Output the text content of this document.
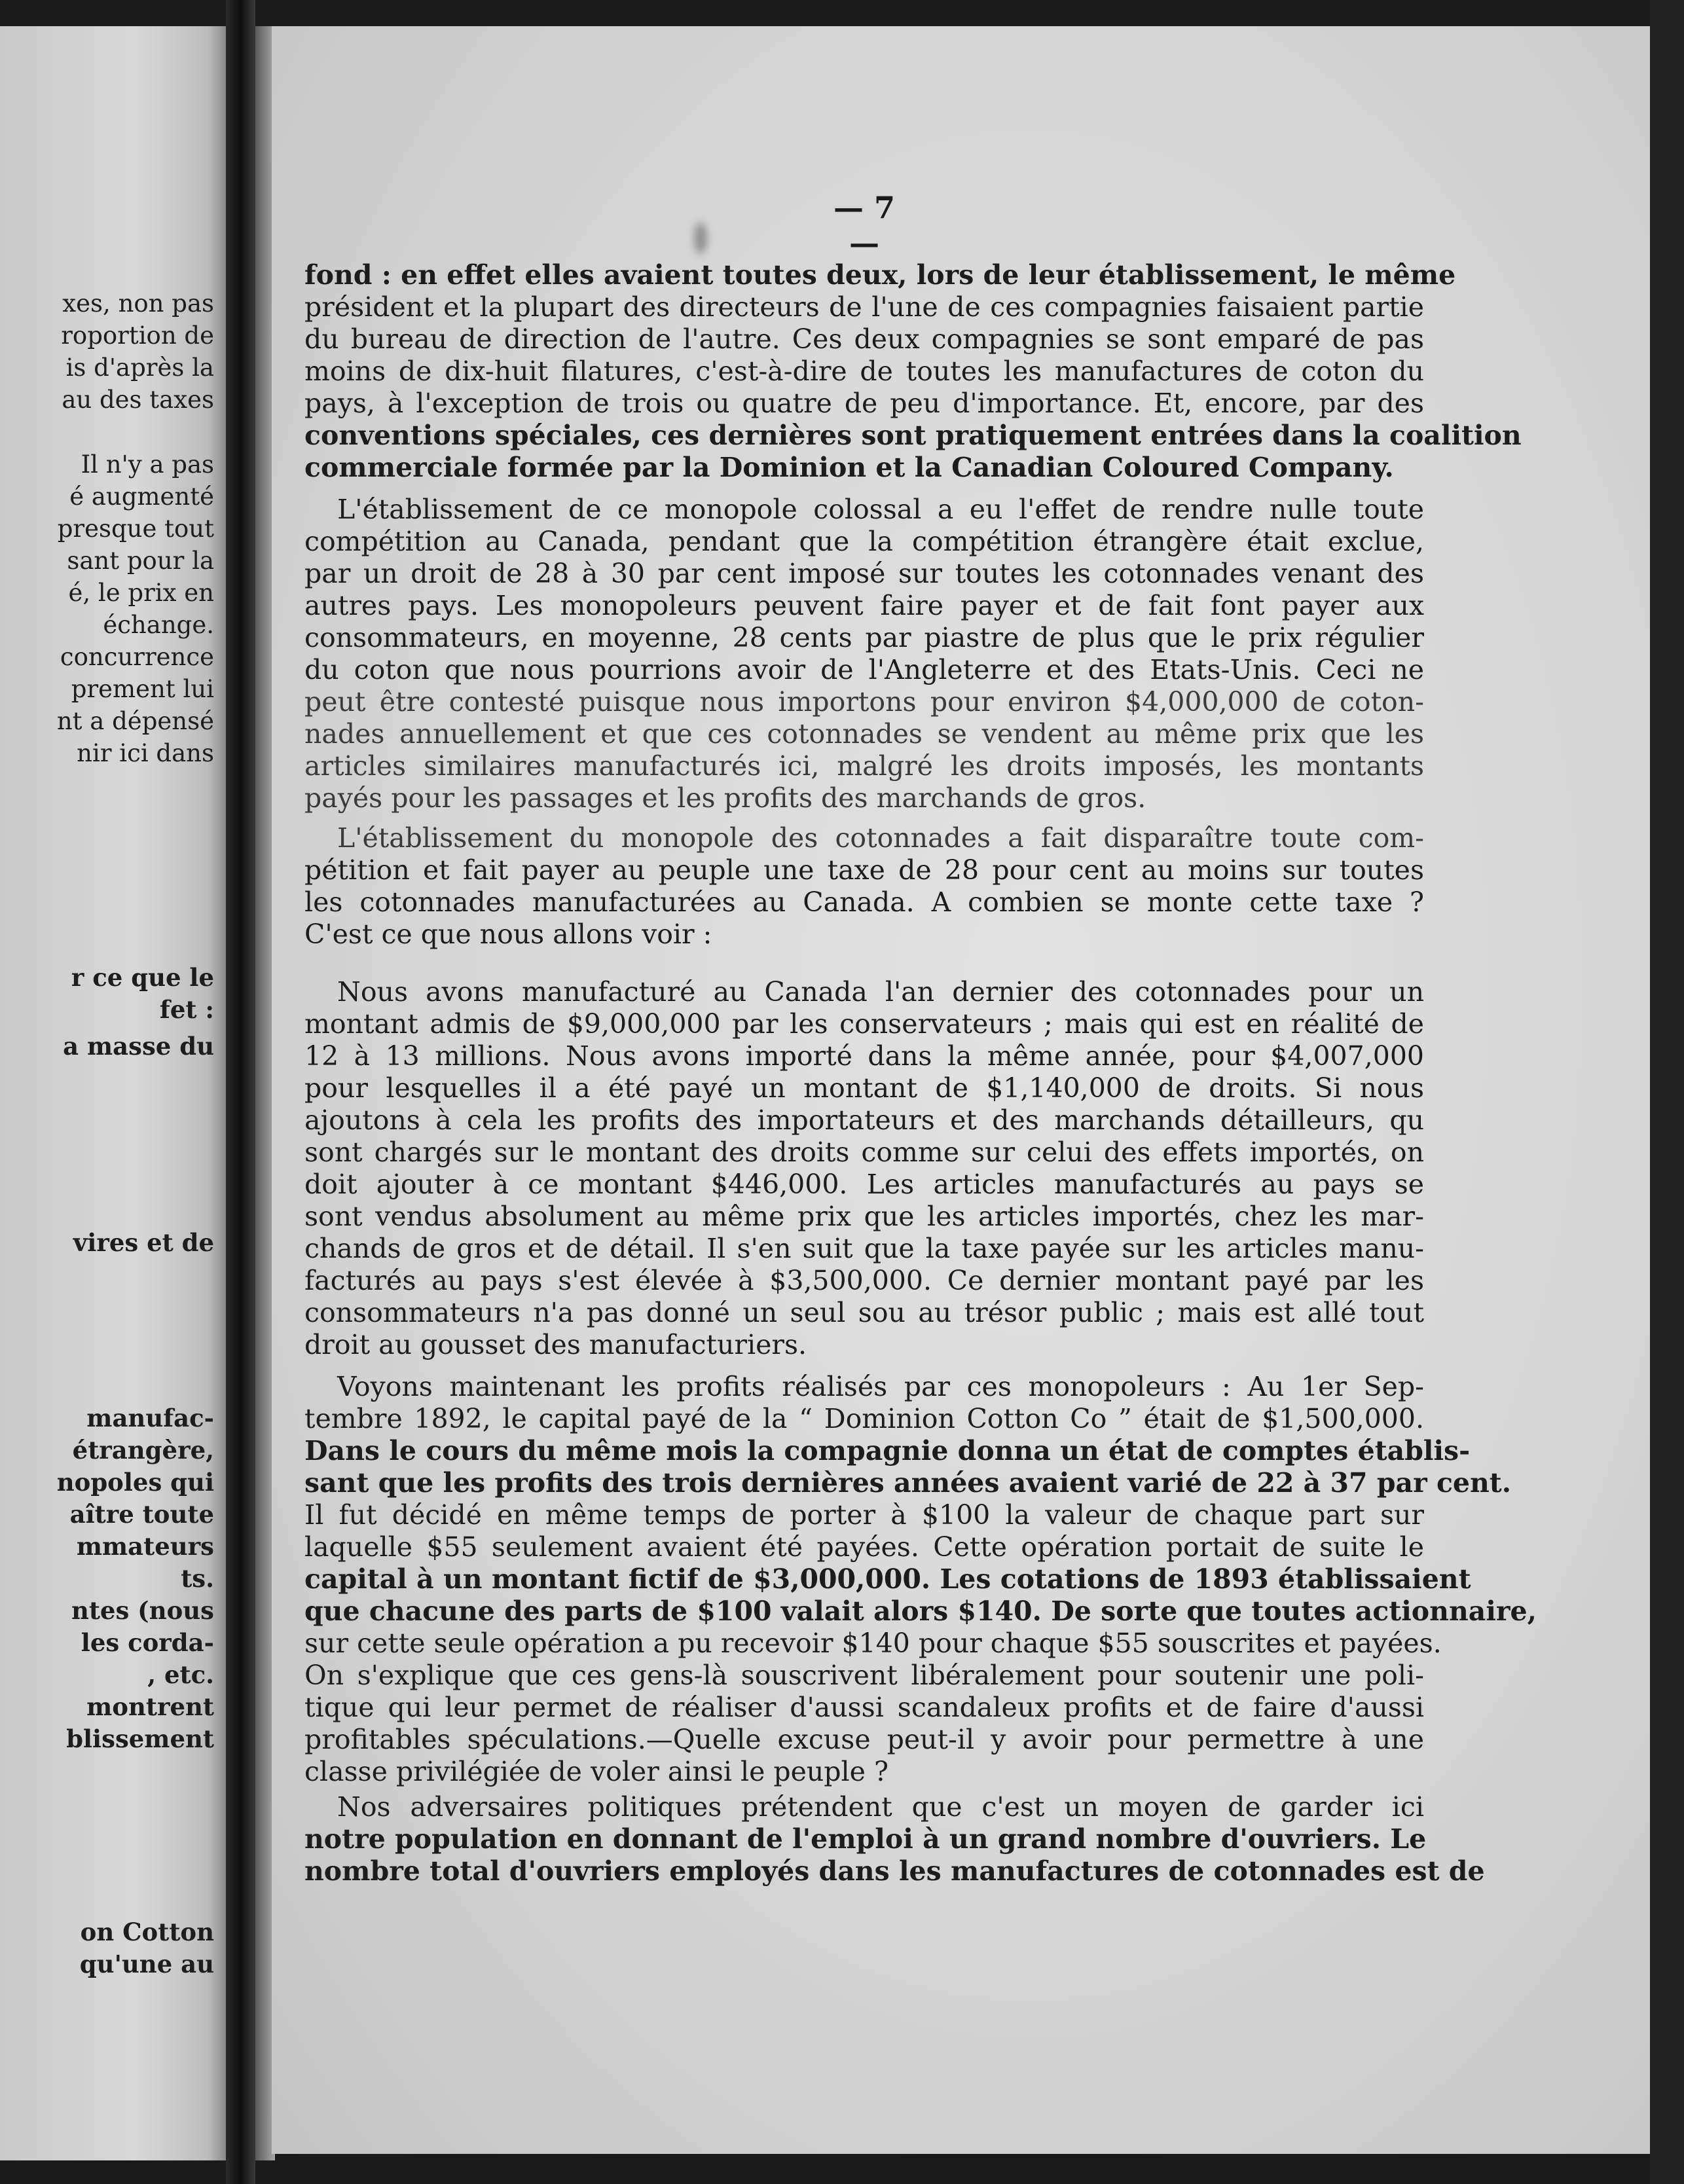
xes, non pas
roportion de
is d'après la
au des taxes
Il n'y a pas
é augmenté
presque tout
sant pour la
é, le prix en
échange.
concurrence
prement lui
nt a dépensé
nir ici dans
r ce que le
fet :
a masse du
vires et de
manufac-
étrangère,
nopoles qui
aître toute
mmateurs
ts.
ntes (nous
les corda-
, etc.
montrent
blissement
on Cotton
qu'une au
— 7 —
fond : en effet elles avaient toutes deux, lors de leur établissement, le même
président et la plupart des directeurs de l'une de ces compagnies faisaient partie
du bureau de direction de l'autre. Ces deux compagnies se sont emparé de pas
moins de dix-huit filatures, c'est-à-dire de toutes les manufactures de coton du
pays, à l'exception de trois ou quatre de peu d'importance. Et, encore, par des
conventions spéciales, ces dernières sont pratiquement entrées dans la coalition
commerciale formée par la Dominion et la Canadian Coloured Company.
L'établissement de ce monopole colossal a eu l'effet de rendre nulle toute
compétition au Canada, pendant que la compétition étrangère était exclue,
par un droit de 28 à 30 par cent imposé sur toutes les cotonnades venant des
autres pays. Les monopoleurs peuvent faire payer et de fait font payer aux
consommateurs, en moyenne, 28 cents par piastre de plus que le prix régulier
du coton que nous pourrions avoir de l'Angleterre et des Etats-Unis. Ceci ne
peut être contesté puisque nous importons pour environ $4,000,000 de coton-
nades annuellement et que ces cotonnades se vendent au même prix que les
articles similaires manufacturés ici, malgré les droits imposés, les montants
payés pour les passages et les profits des marchands de gros.
L'établissement du monopole des cotonnades a fait disparaître toute com-
pétition et fait payer au peuple une taxe de 28 pour cent au moins sur toutes
les cotonnades manufacturées au Canada. A combien se monte cette taxe ?
C'est ce que nous allons voir :
Nous avons manufacturé au Canada l'an dernier des cotonnades pour un
montant admis de $9,000,000 par les conservateurs ; mais qui est en réalité de
12 à 13 millions. Nous avons importé dans la même année, pour $4,007,000
pour lesquelles il a été payé un montant de $1,140,000 de droits. Si nous
ajoutons à cela les profits des importateurs et des marchands détailleurs, qu
sont chargés sur le montant des droits comme sur celui des effets importés, on
doit ajouter à ce montant $446,000. Les articles manufacturés au pays se
sont vendus absolument au même prix que les articles importés, chez les mar-
chands de gros et de détail. Il s'en suit que la taxe payée sur les articles manu-
facturés au pays s'est élevée à $3,500,000. Ce dernier montant payé par les
consommateurs n'a pas donné un seul sou au trésor public ; mais est allé tout
droit au gousset des manufacturiers.
Voyons maintenant les profits réalisés par ces monopoleurs : Au 1er Sep-
tembre 1892, le capital payé de la “ Dominion Cotton Co ” était de $1,500,000.
Dans le cours du même mois la compagnie donna un état de comptes établis-
sant que les profits des trois dernières années avaient varié de 22 à 37 par cent.
Il fut décidé en même temps de porter à $100 la valeur de chaque part sur
laquelle $55 seulement avaient été payées. Cette opération portait de suite le
capital à un montant fictif de $3,000,000. Les cotations de 1893 établissaient
que chacune des parts de $100 valait alors $140. De sorte que toutes actionnaire,
sur cette seule opération a pu recevoir $140 pour chaque $55 souscrites et payées.
On s'explique que ces gens-là souscrivent libéralement pour soutenir une poli-
tique qui leur permet de réaliser d'aussi scandaleux profits et de faire d'aussi
profitables spéculations.—Quelle excuse peut-il y avoir pour permettre à une
classe privilégiée de voler ainsi le peuple ?
Nos adversaires politiques prétendent que c'est un moyen de garder ici
notre population en donnant de l'emploi à un grand nombre d'ouvriers. Le
nombre total d'ouvriers employés dans les manufactures de cotonnades est de
